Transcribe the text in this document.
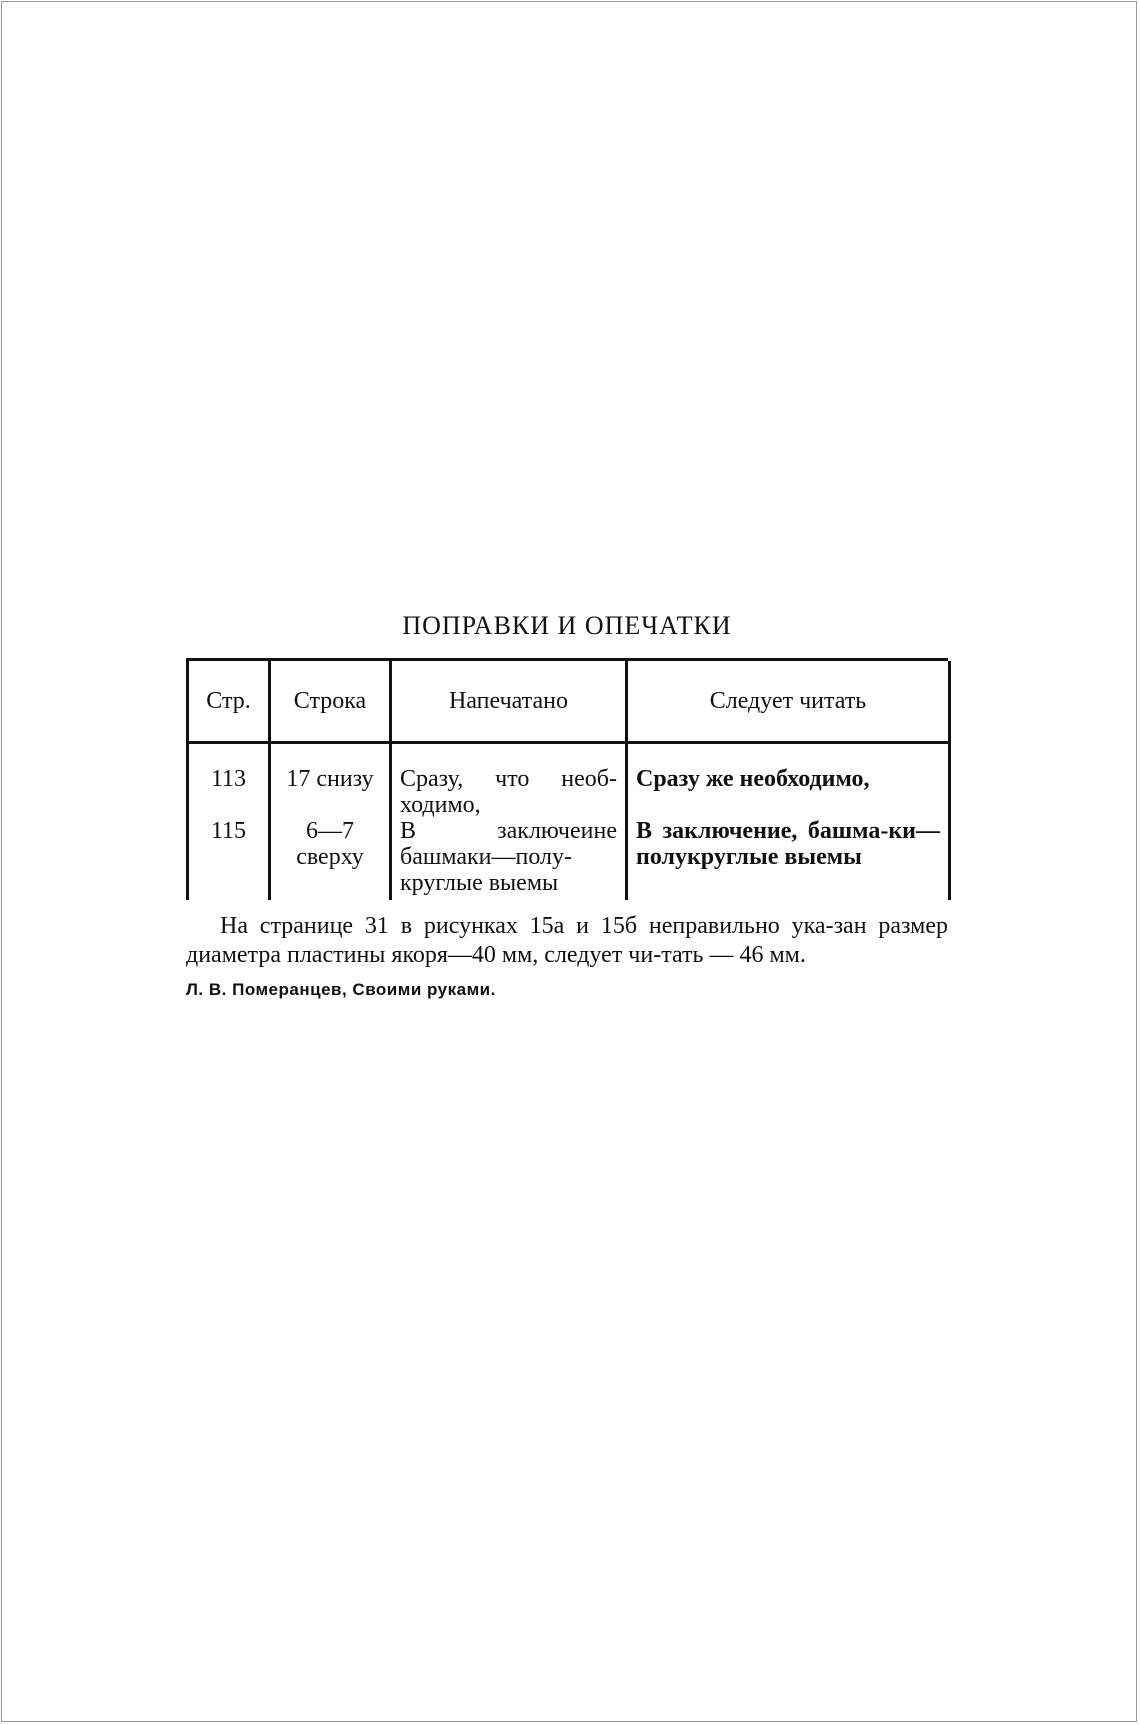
ПОПРАВКИ И ОПЕЧАТКИ
Стр.	Строка	Напечатано	Следует читать
113	17 снизу	Сразу, что необ-ходимо,	Сразу же необходимо,
115	6—7 сверху	В заключеине башмаки—полу-круглые выемы	В заключение, башма-ки—полукруглые выемы

На странице 31 в рисунках 15а и 15б неправильно ука-зан размер диаметра пластины якоря—40 мм, следует чи-тать — 46 мм.

Л. В. Померанцев, Своими руками.
